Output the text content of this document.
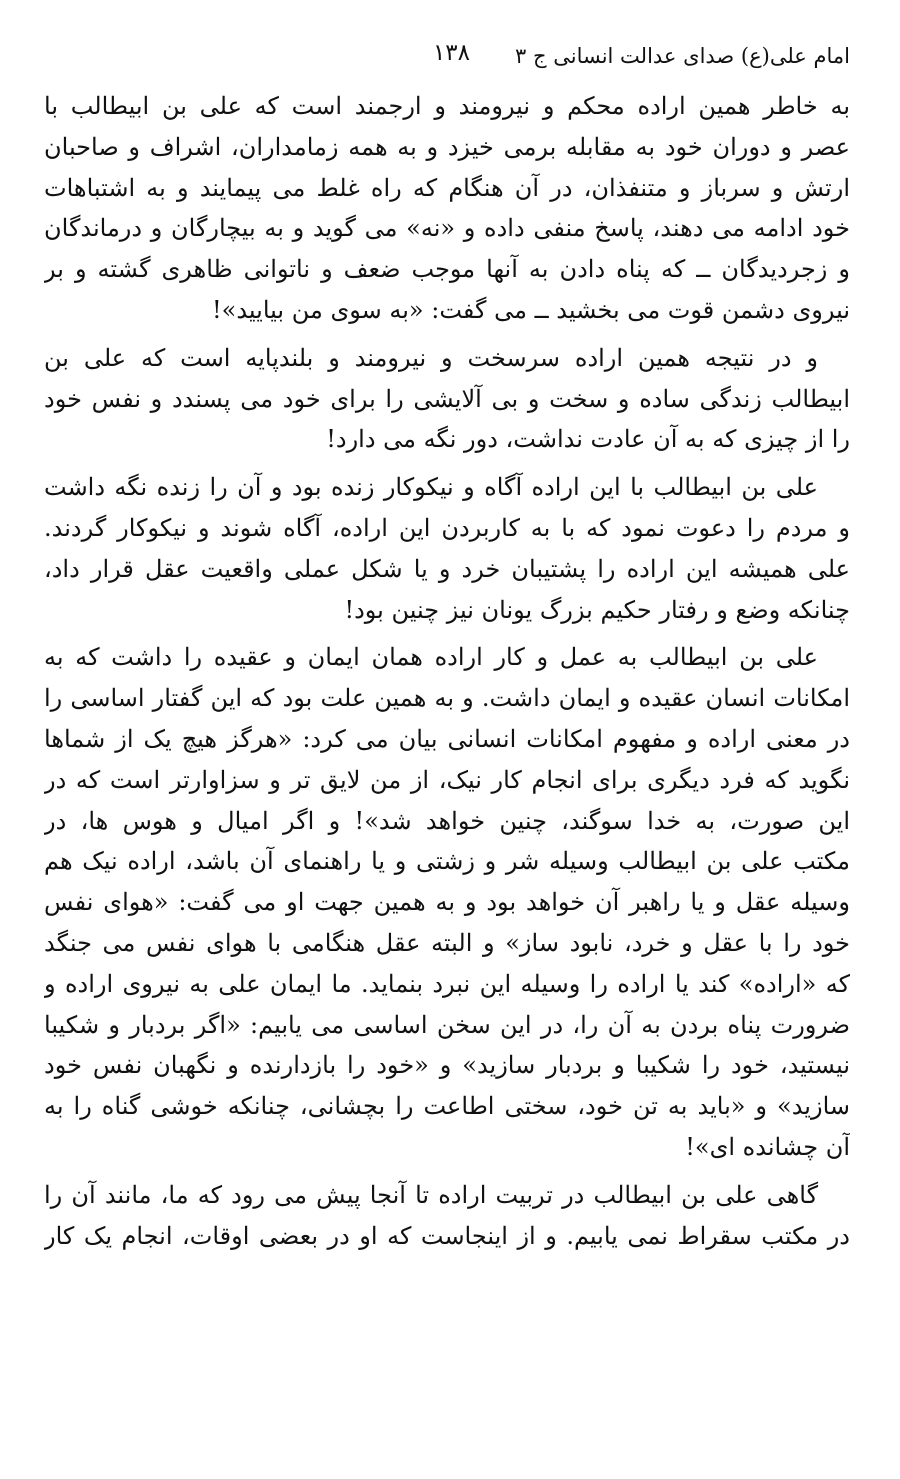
امام علی(ع) صدای عدالت انسانی ج ۳
۱۳۸
به خاطر همین اراده محکم و نیرومند و ارجمند است که علی بن ابیطالب با
عصر و دوران خود به مقابله برمی خیزد و به همه زمامداران، اشراف و صاحبان
ارتش و سرباز و متنفذان، در آن هنگام که راه غلط می پیمایند و به اشتباهات
خود ادامه می دهند، پاسخ منفی داده و «نه» می گوید و به بیچارگان و درماندگان
و زجردیدگان ــ که پناه دادن به آنها موجب ضعف و ناتوانی ظاهری گشته و بر
نیروی دشمن قوت می بخشید ــ می گفت: «به سوی من بیایید»!
و در نتیجه همین اراده سرسخت و نیرومند و بلندپایه است که علی بن
ابیطالب زندگی ساده و سخت و بی آلایشی را برای خود می پسندد و نفس خود
را از چیزی که به آن عادت نداشت، دور نگه می دارد!
علی بن ابیطالب با این اراده آگاه و نیکوکار زنده بود و آن را زنده نگه داشت
و مردم را دعوت نمود که با به کاربردن این اراده، آگاه شوند و نیکوکار گردند.
علی همیشه این اراده را پشتیبان خرد و یا شکل عملی واقعیت عقل قرار داد،
چنانکه وضع و رفتار حکیم بزرگ یونان نیز چنین بود!
علی بن ابیطالب به عمل و کار اراده همان ایمان و عقیده را داشت که به
امکانات انسان عقیده و ایمان داشت. و به همین علت بود که این گفتار اساسی را
در معنی اراده و مفهوم امکانات انسانی بیان می کرد: «هرگز هیچ یک از شماها
نگوید که فرد دیگری برای انجام کار نیک، از من لایق تر و سزاوارتر است که در
این صورت، به خدا سوگند، چنین خواهد شد»! و اگر امیال و هوس ها، در
مکتب علی بن ابیطالب وسیله شر و زشتی و یا راهنمای آن باشد، اراده نیک هم
وسیله عقل و یا راهبر آن خواهد بود و به همین جهت او می گفت: «هوای نفس
خود را با عقل و خرد، نابود ساز» و البته عقل هنگامی با هوای نفس می جنگد
که «اراده» کند یا اراده را وسیله این نبرد بنماید. ما ایمان علی به نیروی اراده و
ضرورت پناه بردن به آن را، در این سخن اساسی می یابیم: «اگر بردبار و شکیبا
نیستید، خود را شکیبا و بردبار سازید» و «خود را بازدارنده و نگهبان نفس خود
سازید» و «باید به تن خود، سختی اطاعت را بچشانی، چنانکه خوشی گناه را به
آن چشانده ای»!
گاهی علی بن ابیطالب در تربیت اراده تا آنجا پیش می رود که ما، مانند آن را
در مکتب سقراط نمی یابیم. و از اینجاست که او در بعضی اوقات، انجام یک کار
